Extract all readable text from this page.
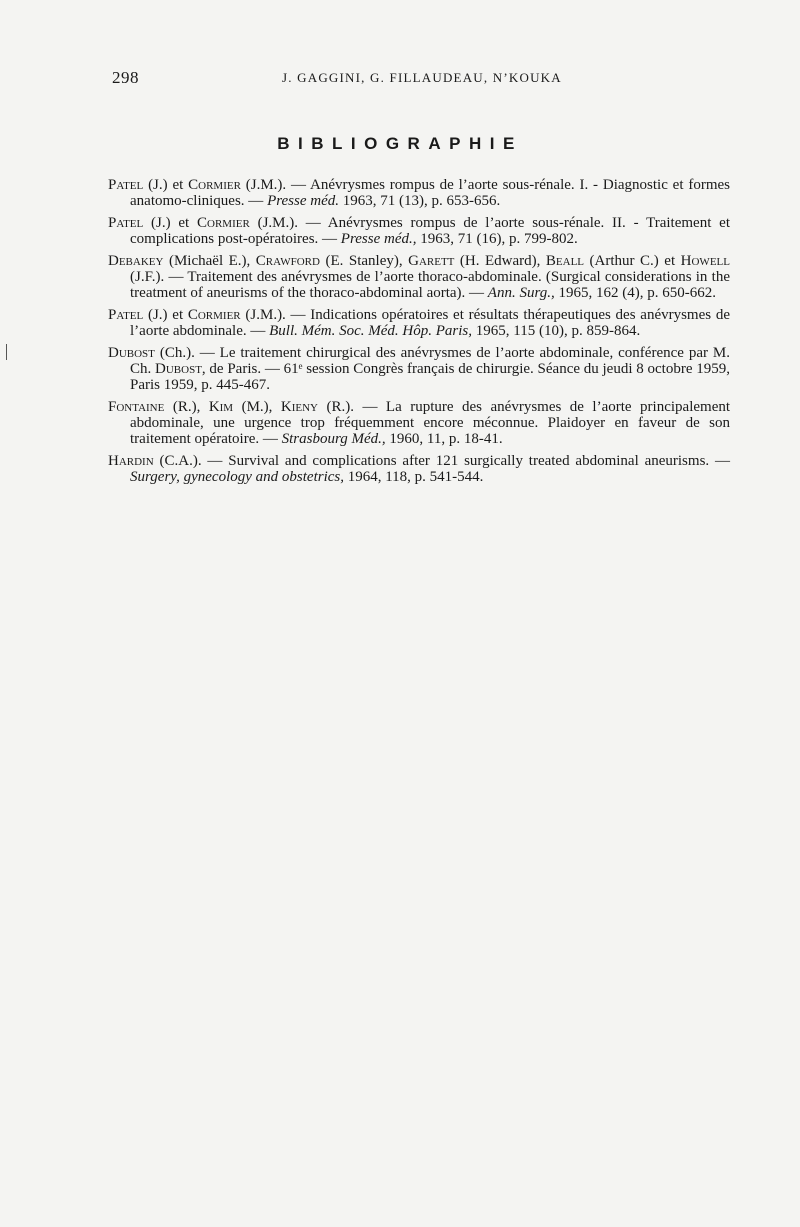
298	J. GAGGINI, G. FILLAUDEAU, N’KOUKA
BIBLIOGRAPHIE

Patel (J.) et Cormier (J.M.). — Anévrysmes rompus de l’aorte sous-rénale. I. - Diagnostic et formes anatomo-cliniques. — Presse méd. 1963, 71 (13), p. 653-656.

Patel (J.) et Cormier (J.M.). — Anévrysmes rompus de l’aorte sous-rénale. II. - Traitement et complications post-opératoires. — Presse méd., 1963, 71 (16), p. 799-802.

Debakey (Michaël E.), Crawford (E. Stanley), Garett (H. Edward), Beall (Arthur C.) et Howell (J.F.). — Traitement des anévrysmes de l’aorte thoraco-abdominale. (Surgical considerations in the treatment of aneurisms of the thoraco-abdominal aorta). — Ann. Surg., 1965, 162 (4), p. 650-662.

Patel (J.) et Cormier (J.M.). — Indications opératoires et résultats thérapeutiques des anévrysmes de l’aorte abdominale. — Bull. Mém. Soc. Méd. Hôp. Paris, 1965, 115 (10), p. 859-864.

Dubost (Ch.). — Le traitement chirurgical des anévrysmes de l’aorte abdominale, conférence par M. Ch. Dubost, de Paris. — 61ᵉ session Congrès français de chirurgie. Séance du jeudi 8 octobre 1959, Paris 1959, p. 445-467.

Fontaine (R.), Kim (M.), Kieny (R.). — La rupture des anévrysmes de l’aorte principalement abdominale, une urgence trop fréquemment encore méconnue. Plaidoyer en faveur de son traitement opératoire. — Strasbourg Méd., 1960, 11, p. 18-41.

Hardin (C.A.). — Survival and complications after 121 surgically treated abdominal aneurisms. — Surgery, gynecology and obstetrics, 1964, 118, p. 541-544.
